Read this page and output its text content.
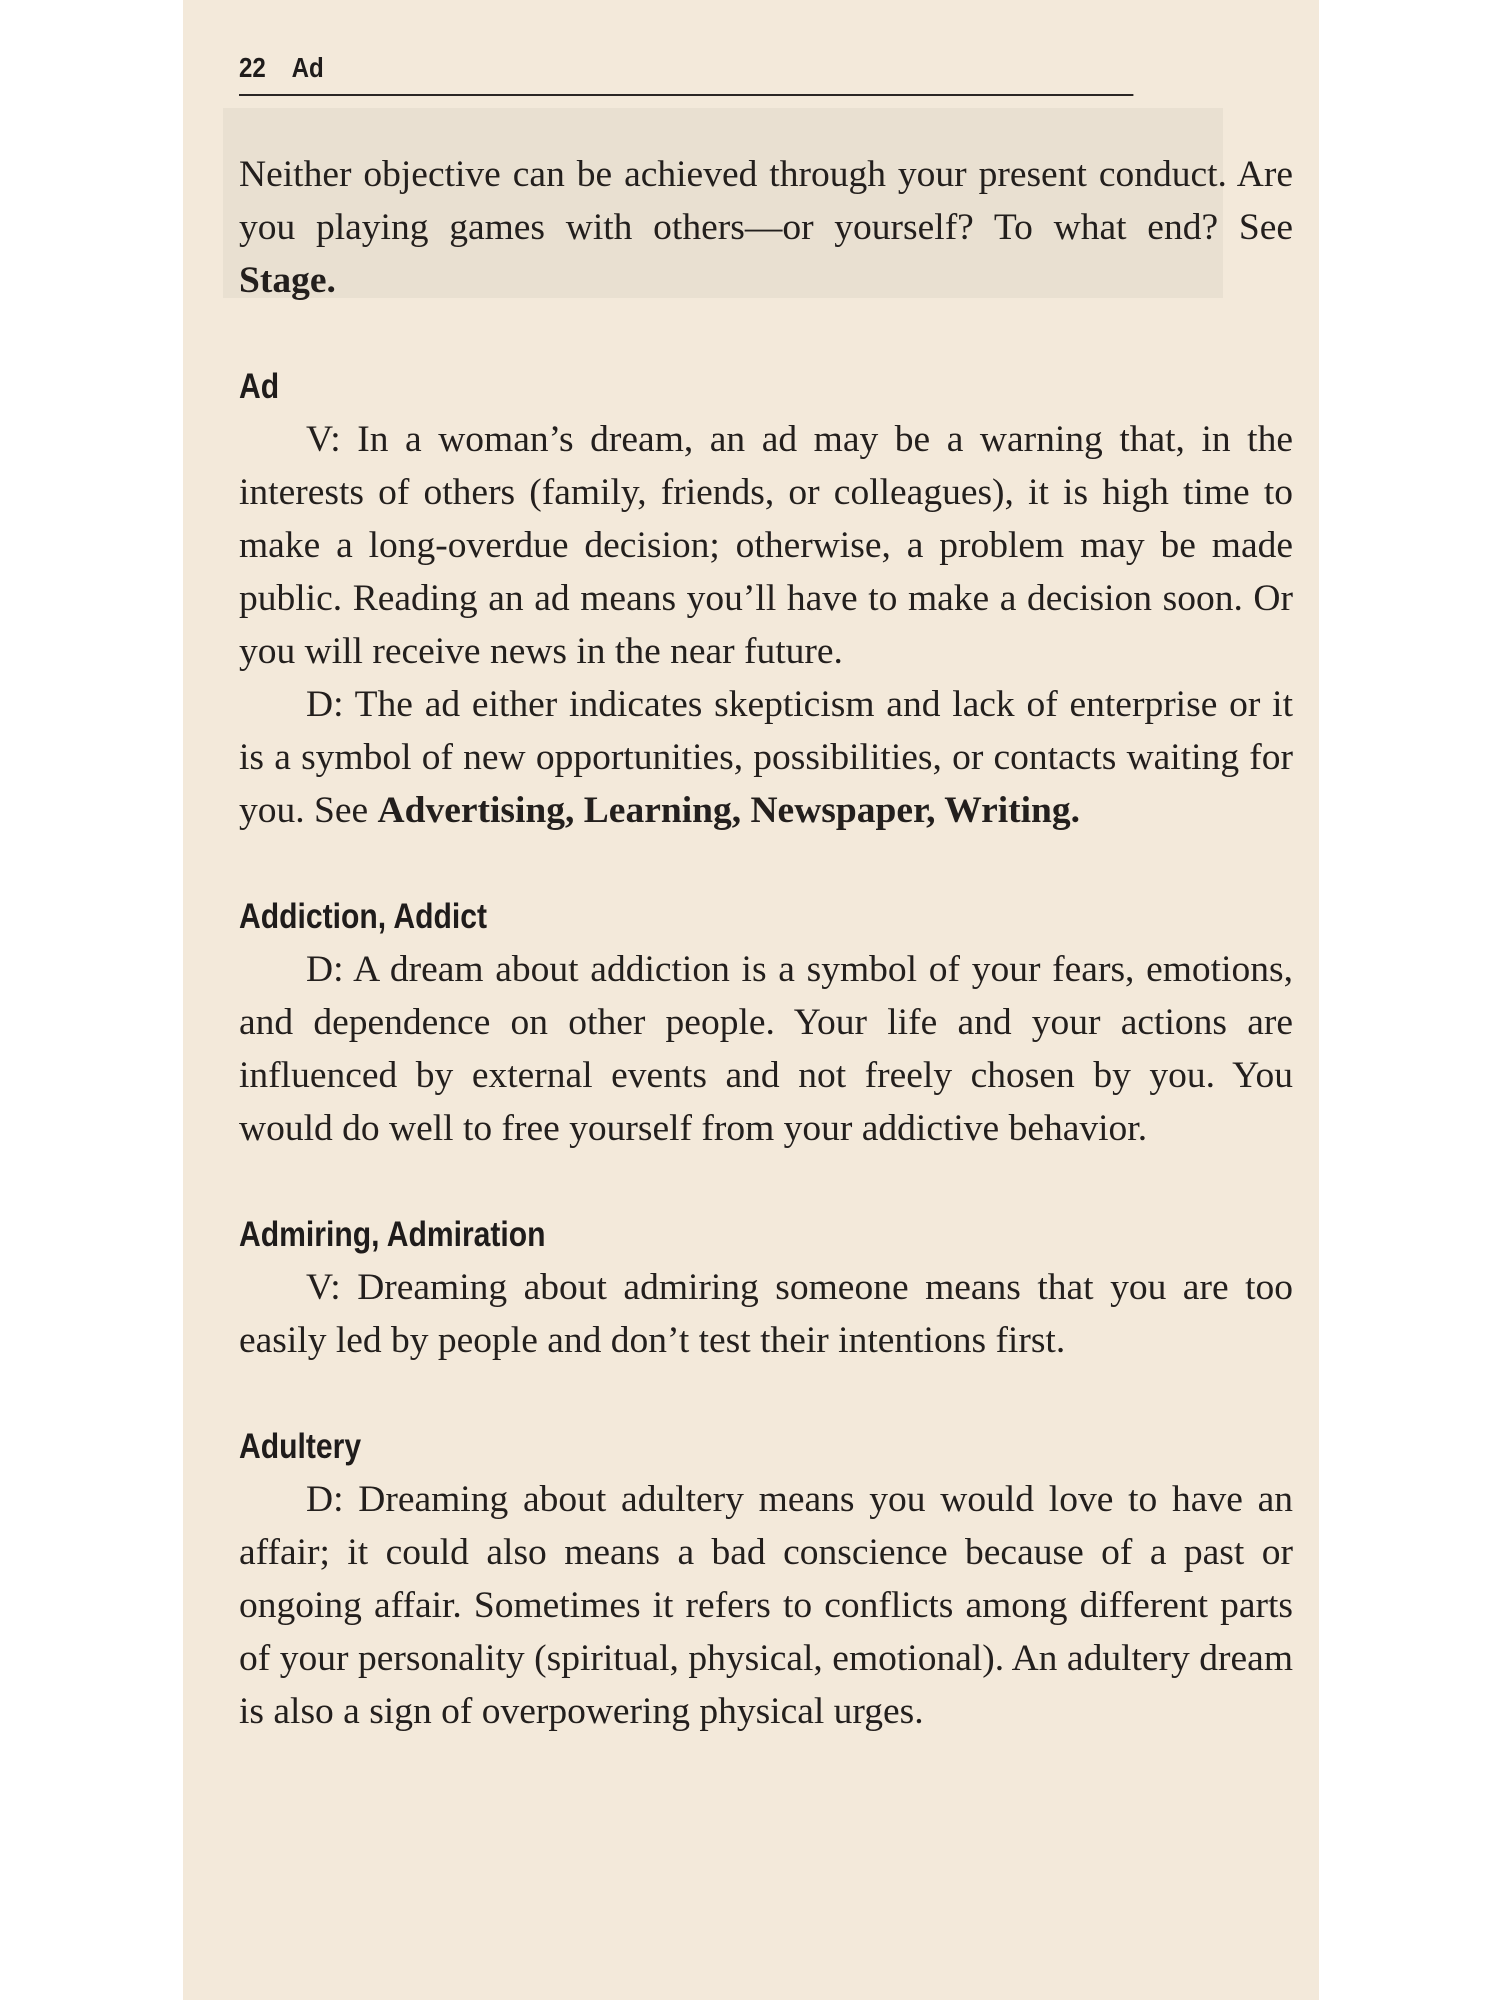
22 Ad

Neither objective can be achieved through your present conduct. Are you playing games with others—or yourself? To what end? See Stage.

Ad

V: In a woman’s dream, an ad may be a warning that, in the interests of others (family, friends, or colleagues), it is high time to make a long-overdue decision; otherwise, a problem may be made public. Reading an ad means you’ll have to make a decision soon. Or you will receive news in the near future.

D: The ad either indicates skepticism and lack of enterprise or it is a symbol of new opportunities, possibilities, or contacts waiting for you. See Advertising, Learning, Newspaper, Writing.

Addiction, Addict

D: A dream about addiction is a symbol of your fears, emotions, and dependence on other people. Your life and your actions are influenced by external events and not freely chosen by you. You would do well to free yourself from your addictive behavior.

Admiring, Admiration

V: Dreaming about admiring someone means that you are too easily led by people and don’t test their intentions first.

Adultery

D: Dreaming about adultery means you would love to have an affair; it could also means a bad conscience because of a past or ongoing affair. Sometimes it refers to conflicts among different parts of your personality (spiritual, physical, emotional). An adultery dream is also a sign of overpowering physical urges.
